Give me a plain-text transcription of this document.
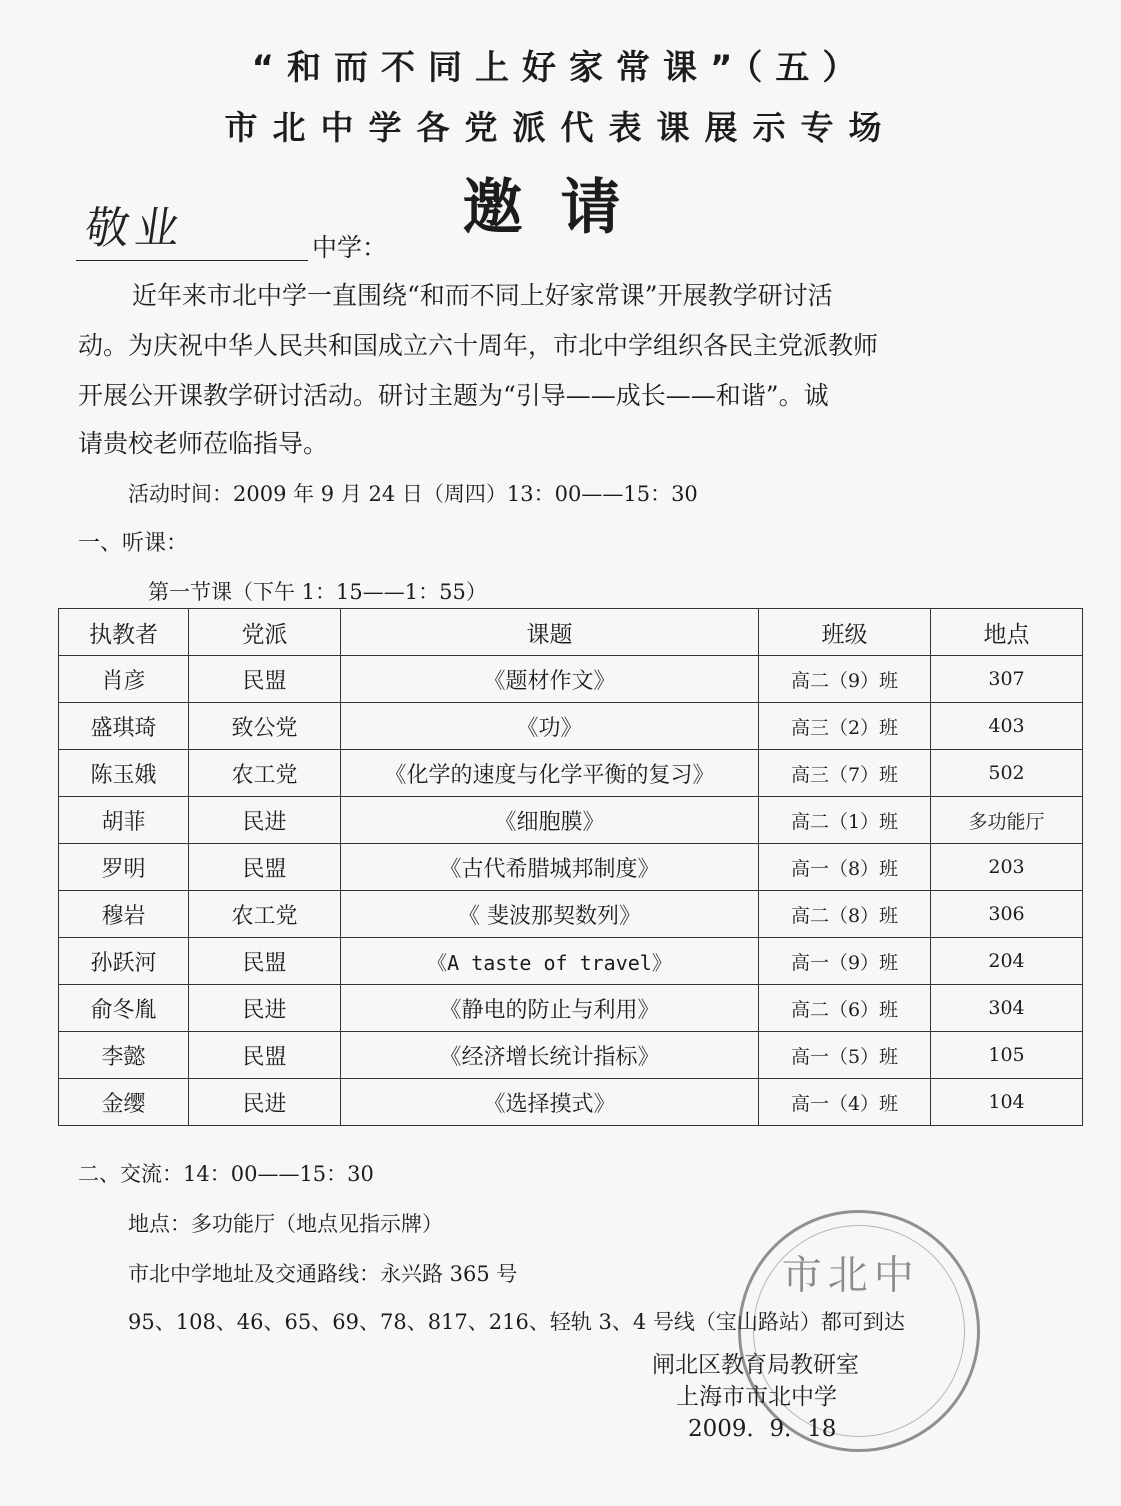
“和而不同上好家常课”（五）
市北中学各党派代表课展示专场
邀请
敬业	中学：
近年来市北中学一直围绕“和而不同上好家常课”开展教学研讨活
动。为庆祝中华人民共和国成立六十周年，市北中学组织各民主党派教师
开展公开课教学研讨活动。研讨主题为“引导——成长——和谐”。诚
请贵校老师莅临指导。
活动时间：2009 年 9 月 24 日（周四）13：00——15：30
一、听课：
第一节课（下午 1：15——1：55）
执教者	党派	课题	班级	地点
肖彦	民盟	《题材作文》	高二（9）班	307
盛琪琦	致公党	《功》	高三（2）班	403
陈玉娥	农工党	《化学的速度与化学平衡的复习》	高三（7）班	502
胡菲	民进	《细胞膜》	高二（1）班	多功能厅
罗明	民盟	《古代希腊城邦制度》	高一（8）班	203
穆岩	农工党	《 斐波那契数列》	高二（8）班	306
孙跃河	民盟	《A taste of travel》	高一（9）班	204
俞冬胤	民进	《静电的防止与利用》	高二（6）班	304
李懿	民盟	《经济增长统计指标》	高一（5）班	105
金缨	民进	《选择摸式》	高一（4）班	104
二、交流：14：00——15：30
地点：多功能厅（地点见指示牌）
市北中学地址及交通路线：永兴路 365 号
95、108、46、65、69、78、817、216、轻轨 3、4 号线（宝山路站）都可到达
市北中
闸北区教育局教研室
上海市市北中学
2009．9．18
